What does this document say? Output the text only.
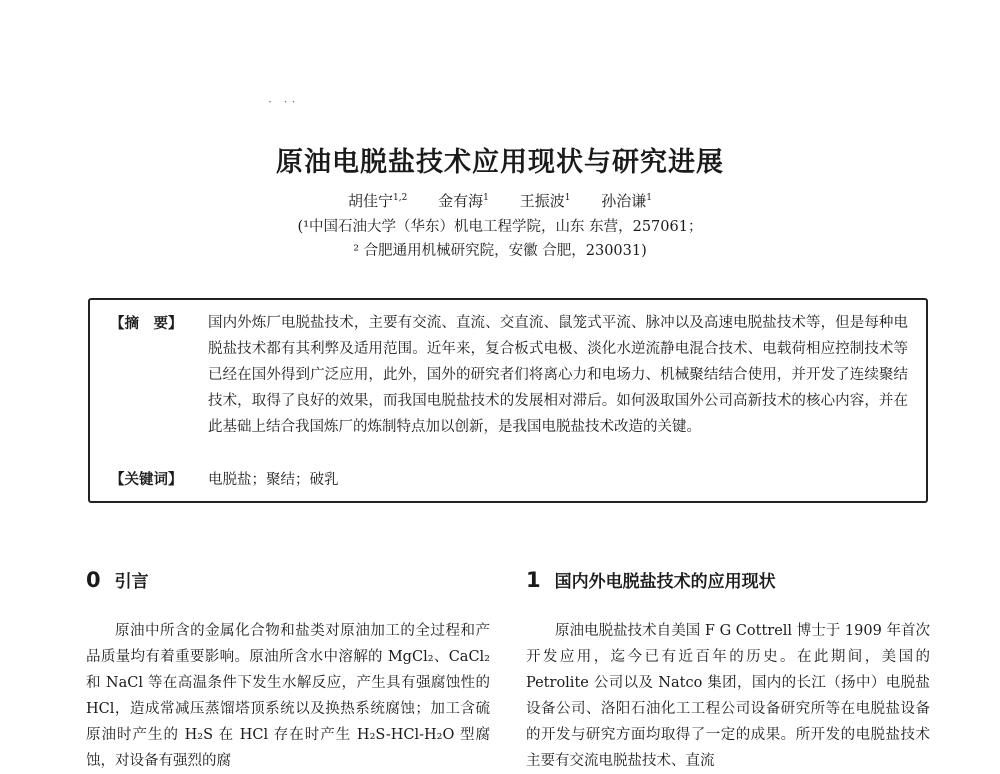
· ··
原油电脱盐技术应用现状与研究进展
胡佳宁$^{1,2}$ 金有海$^1$ 王振波$^1$ 孙治谦$^1$
(¹中国石油大学（华东）机电工程学院，山东 东营，257061；
² 合肥通用机械研究院，安徽 合肥，230031)
【摘　要】	国内外炼厂电脱盐技术，主要有交流、直流、交直流、鼠笼式平流、脉冲以及高速电脱盐技术等，但是每种电脱盐技术都有其利弊及适用范围。近年来，复合板式电极、淡化水逆流静电混合技术、电载荷相应控制技术等已经在国外得到广泛应用，此外，国外的研究者们将离心力和电场力、机械聚结结合使用，并开发了连续聚结技术，取得了良好的效果，而我国电脱盐技术的发展相对滞后。如何汲取国外公司高新技术的核心内容，并在此基础上结合我国炼厂的炼制特点加以创新，是我国电脱盐技术改造的关键。
【关键词】	电脱盐；聚结；破乳
0 引言	1 国内外电脱盐技术的应用现状

原油中所含的金属化合物和盐类对原油加工的全过程和产品质量均有着重要影响。原油所含水中溶解的 MgCl₂、CaCl₂ 和 NaCl 等在高温条件下发生水解反应，产生具有强腐蚀性的 HCl，造成常减压蒸馏塔顶系统以及换热系统腐蚀；加工含硫原油时产生的 H₂S 在 HCl 存在时产生 H₂S-HCl-H₂O 型腐蚀，对设备有强烈的腐

原油电脱盐技术自美国 F G Cottrell 博士于 1909 年首次开发应用，迄今已有近百年的历史。在此期间，美国的 Petrolite 公司以及 Natco 集团，国内的长江（扬中）电脱盐设备公司、洛阳石油化工工程公司设备研究所等在电脱盐设备的开发与研究方面均取得了一定的成果。所开发的电脱盐技术主要有交流电脱盐技术、直流
